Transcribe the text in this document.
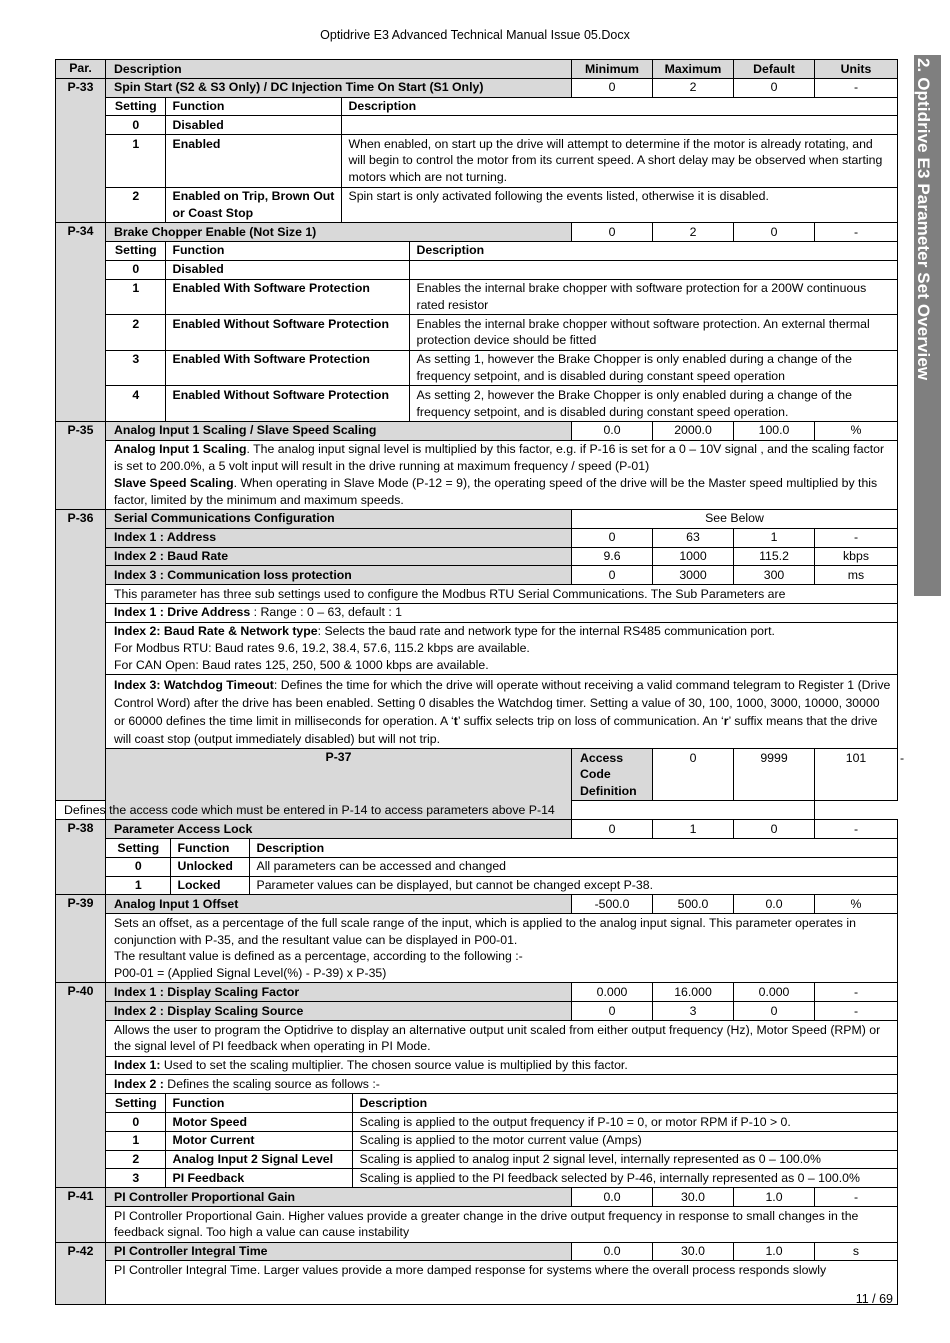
Optidrive E3 Advanced Technical Manual Issue 05.Docx
2. Optidrive E3 Parameter Set Overview
Par.	Description	Minimum	Maximum	Default	Units
P-33	Spin Start (S2 & S3 Only) / DC Injection Time On Start (S1 Only)	0	2	0	-

Setting	Function	Description
0	Disabled	
1	Enabled	When enabled, on start up the drive will attempt to determine if the motor is already rotating, and will begin to control the motor from its current speed. A short delay may be observed when starting motors which are not turning.
2	Enabled on Trip, Brown Out or Coast Stop	Spin start is only activated following the events listed, otherwise it is disabled.

P-34	Brake Chopper Enable (Not Size 1)	0	2	0	-

Setting	Function	Description
0	Disabled	
1	Enabled With Software Protection	Enables the internal brake chopper with software protection for a 200W continuous rated resistor
2	Enabled Without Software Protection	Enables the internal brake chopper without software protection. An external thermal protection device should be fitted
3	Enabled With Software Protection	As setting 1, however the Brake Chopper is only enabled during a change of the frequency setpoint, and is disabled during constant speed operation
4	Enabled Without Software Protection	As setting 2, however the Brake Chopper is only enabled during a change of the frequency setpoint, and is disabled during constant speed operation.

P-35	Analog Input 1 Scaling / Slave Speed Scaling	0.0	2000.0	100.0	%

Analog Input 1 Scaling. The analog input signal level is multiplied by this factor, e.g. if P-16 is set for a 0 – 10V signal , and the scaling factor is set to 200.0%, a 5 volt input will result in the drive running at maximum frequency / speed (P-01)
Slave Speed Scaling. When operating in Slave Mode (P-12 = 9), the operating speed of the drive will be the Master speed multiplied by this factor, limited by the minimum and maximum speeds.

P-36	Serial Communications Configuration	See Below
Index 1 : Address	0	63	1	-
Index 2 : Baud Rate	9.6	1000	115.2	kbps
Index 3 : Communication loss protection	0	3000	300	ms
This parameter has three sub settings used to configure the Modbus RTU Serial Communications. The Sub Parameters are
Index 1 : Drive Address : Range : 0 – 63, default : 1

Index 2: Baud Rate & Network type: Selects the baud rate and network type for the internal RS485 communication port.
For Modbus RTU: Baud rates 9.6, 19.2, 38.4, 57.6, 115.2 kbps are available.
For CAN Open: Baud rates 125, 250, 500 & 1000 kbps are available.

Index 3: Watchdog Timeout: Defines the time for which the drive will operate without receiving a valid command telegram to Register 1 (Drive Control Word) after the drive has been enabled. Setting 0 disables the Watchdog timer. Setting a value of 30, 100, 1000, 3000, 10000, 30000 or 60000 defines the time limit in milliseconds for operation. A ‘t’ suffix selects trip on loss of communication. An ‘r’ suffix means that the drive will coast stop (output immediately disabled) but will not trip.
P-37	Access Code Definition	0	9999	101	-
Defines the access code which must be entered in P-14 to access parameters above P-14
P-38	Parameter Access Lock	0	1	0	-

Setting	Function	Description
0	Unlocked	All parameters can be accessed and changed
1	Locked	Parameter values can be displayed, but cannot be changed except P-38.

P-39	Analog Input 1 Offset	-500.0	500.0	0.0	%

Sets an offset, as a percentage of the full scale range of the input, which is applied to the analog input signal. This parameter operates in conjunction with P-35, and the resultant value can be displayed in P00-01.
The resultant value is defined as a percentage, according to the following :-
P00-01 = (Applied Signal Level(%) - P-39) x P-35)

P-40	Index 1 : Display Scaling Factor	0.000	16.000	0.000	-
Index 2 : Display Scaling Source	0	3	0	-
Allows the user to program the Optidrive to display an alternative output unit scaled from either output frequency (Hz), Motor Speed (RPM) or the signal level of PI feedback when operating in PI Mode.
Index 1: Used to set the scaling multiplier. The chosen source value is multiplied by this factor.
Index 2 : Defines the scaling source as follows :-

Setting	Function	Description
0	Motor Speed	Scaling is applied to the output frequency if P-10 = 0, or motor RPM if P-10 > 0.
1	Motor Current	Scaling is applied to the motor current value (Amps)
2	Analog Input 2 Signal Level	Scaling is applied to analog input 2 signal level, internally represented as 0 – 100.0%
3	PI Feedback	Scaling is applied to the PI feedback selected by P-46, internally represented as 0 – 100.0%

P-41	PI Controller Proportional Gain	0.0	30.0	1.0	-
PI Controller Proportional Gain. Higher values provide a greater change in the drive output frequency in response to small changes in the feedback signal. Too high a value can cause instability
P-42	PI Controller Integral Time	0.0	30.0	1.0	s
PI Controller Integral Time. Larger values provide a more damped response for systems where the overall process responds slowly
11 / 69
